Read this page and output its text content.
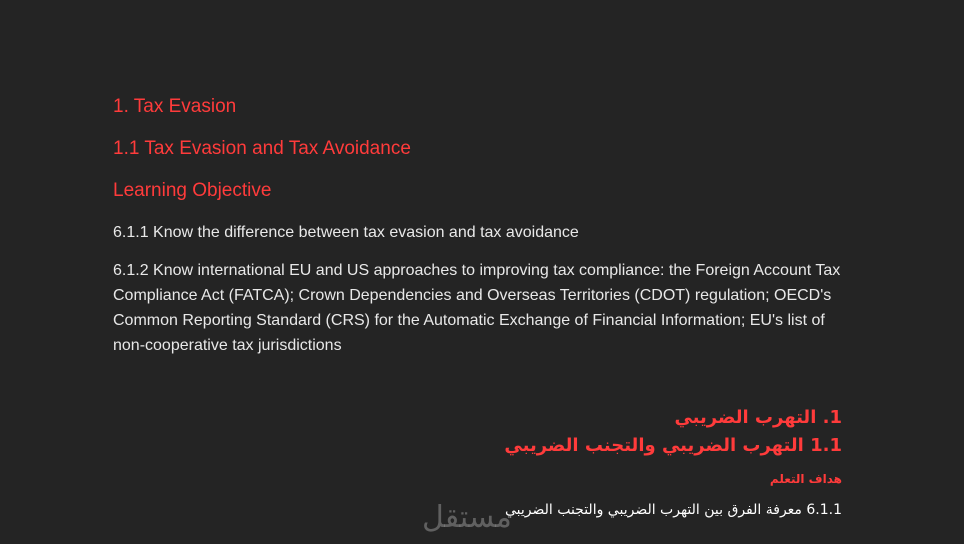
1. Tax Evasion

1.1 Tax Evasion and Tax Avoidance

Learning Objective

6.1.1 Know the difference between tax evasion and tax avoidance

6.1.2 Know international EU and US approaches to improving tax compliance: the Foreign Account Tax Compliance Act (FATCA); Crown Dependencies and Overseas Territories (CDOT) regulation; OECD's Common Reporting Standard (CRS) for the Automatic Exchange of Financial Information; EU's list of non-cooperative tax jurisdictions

1. التهرب الضريبي

1.1 التهرب الضريبي والتجنب الضريبي

هداف التعلم

6.1.1 معرفة الفرق بين التهرب الضريبي والتجنب الضريبي

مستقل
